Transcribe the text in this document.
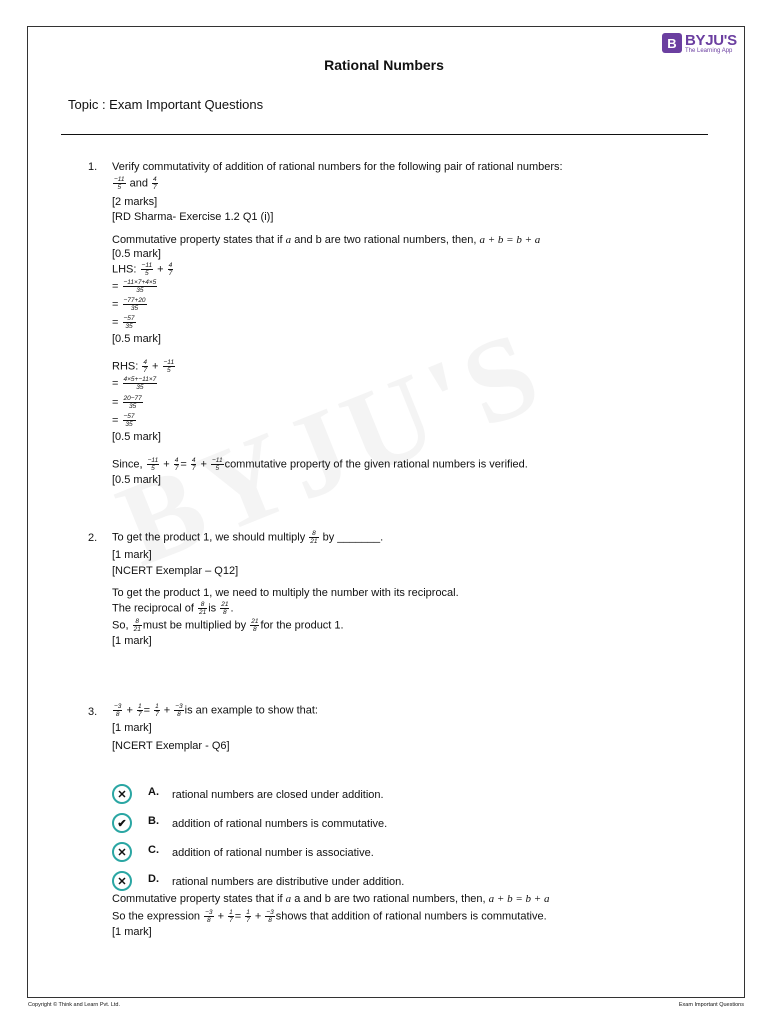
B BYJU'S
The Learning App
Rational Numbers
Topic : Exam Important Questions
1. Verify commutativity of addition of rational numbers for the following pair of rational numbers:
$\frac{-11}{5}$ and $\frac{4}{7}$
[2 marks]
[RD Sharma- Exercise 1.2 Q1 (i)]
Commutative property states that if a and b are two rational numbers, then, a + b = b + a
[0.5 mark]
LHS: $\frac{-11}{5} + \frac{4}{7}$
= $\frac{-11\times 7+4\times 5}{35}$
= $\frac{-77+20}{35}$
= $\frac{-57}{35}$
[0.5 mark]
RHS: $\frac{4}{7} + \frac{-11}{5}$
= $\frac{4\times 5+-11\times 7}{35}$
= $\frac{20-77}{35}$
= $\frac{-57}{35}$
[0.5 mark]
Since, $\frac{-11}{5} + \frac{4}{7} = \frac{4}{7} + \frac{-11}{5}$ commutative property of the given rational numbers is verified.
[0.5 mark]
2. To get the product 1, we should multiply $\frac{8}{21}$ by _______.
[1 mark]
[NCERT Exemplar – Q12]
To get the product 1, we need to multiply the number with its reciprocal.
The reciprocal of $\frac{8}{21}$ is $\frac{21}{8}$ .
So, $\frac{8}{21}$ must be multiplied by $\frac{21}{8}$ for the product 1.
[1 mark]
3. $\frac{-3}{8} + \frac{1}{7} = \frac{1}{7} + \frac{-3}{8}$ is an example to show that:
[1 mark]
[NCERT Exemplar - Q6]
✕	A. rational numbers are closed under addition.
✔	B. addition of rational numbers is commutative.
✕	C. addition of rational number is associative.
✕	D. rational numbers are distributive under addition.
Commutative property states that if a a and b are two rational numbers, then, a + b = b + a
So the expression $\frac{-3}{8} + \frac{1}{7} = \frac{1}{7} + \frac{-3}{8}$ shows that addition of rational numbers is commutative.
[1 mark]
Copyright © Think and Learn Pvt. Ltd.	Exam Important Questions
